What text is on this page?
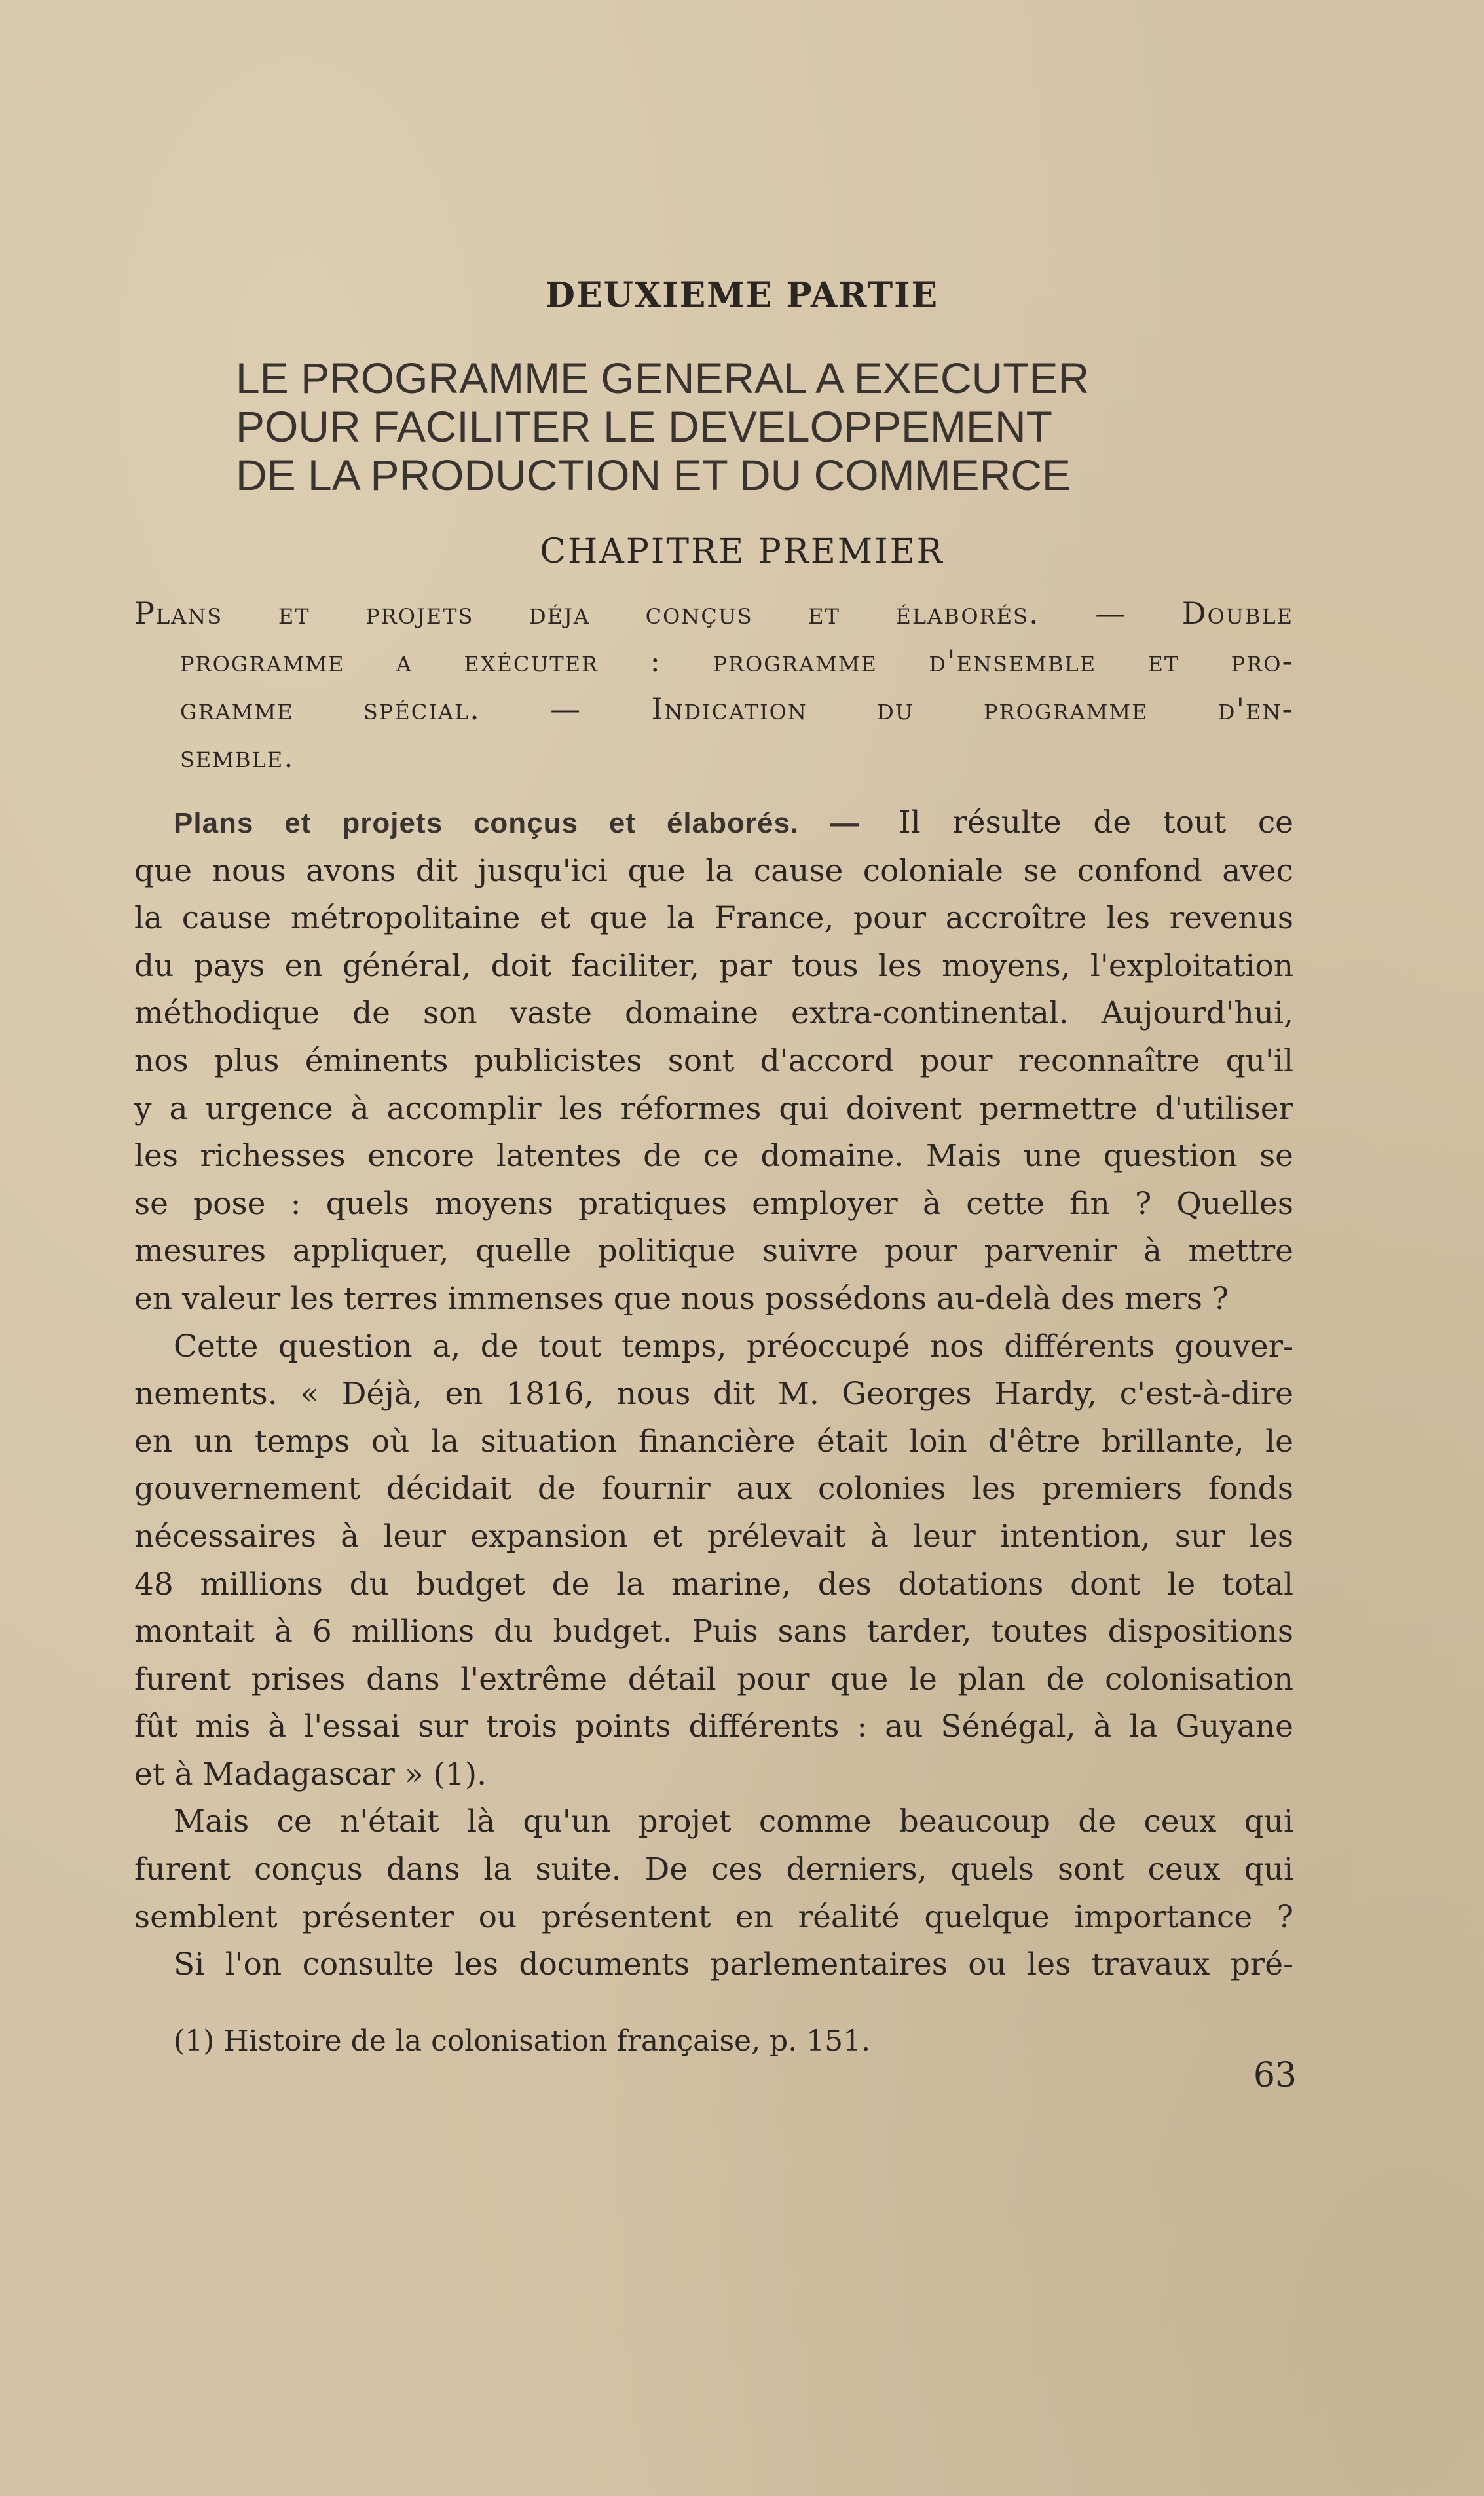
DEUXIEME PARTIE
LE PROGRAMME GENERAL A EXECUTER
POUR FACILITER LE DEVELOPPEMENT
DE LA PRODUCTION ET DU COMMERCE
CHAPITRE PREMIER
Plans et projets déja conçus et élaborés. — Double
programme a exécuter : programme d'ensemble et pro-
gramme spécial. — Indication du programme d'en-
semble.
Plans et projets conçus et élaborés. — Il résulte de tout ce
que nous avons dit jusqu'ici que la cause coloniale se confond avec
la cause métropolitaine et que la France, pour accroître les revenus
du pays en général, doit faciliter, par tous les moyens, l'exploitation
méthodique de son vaste domaine extra-continental. Aujourd'hui,
nos plus éminents publicistes sont d'accord pour reconnaître qu'il
y a urgence à accomplir les réformes qui doivent permettre d'utiliser
les richesses encore latentes de ce domaine. Mais une question se
se pose : quels moyens pratiques employer à cette fin ? Quelles
mesures appliquer, quelle politique suivre pour parvenir à mettre
en valeur les terres immenses que nous possédons au-delà des mers ?
Cette question a, de tout temps, préoccupé nos différents gouver-
nements. « Déjà, en 1816, nous dit M. Georges Hardy, c'est-à-dire
en un temps où la situation financière était loin d'être brillante, le
gouvernement décidait de fournir aux colonies les premiers fonds
nécessaires à leur expansion et prélevait à leur intention, sur les
48 millions du budget de la marine, des dotations dont le total
montait à 6 millions du budget. Puis sans tarder, toutes dispositions
furent prises dans l'extrême détail pour que le plan de colonisation
fût mis à l'essai sur trois points différents : au Sénégal, à la Guyane
et à Madagascar » (1).
Mais ce n'était là qu'un projet comme beaucoup de ceux qui
furent conçus dans la suite. De ces derniers, quels sont ceux qui
semblent présenter ou présentent en réalité quelque importance ?
Si l'on consulte les documents parlementaires ou les travaux pré-
(1) Histoire de la colonisation française, p. 151.
63
